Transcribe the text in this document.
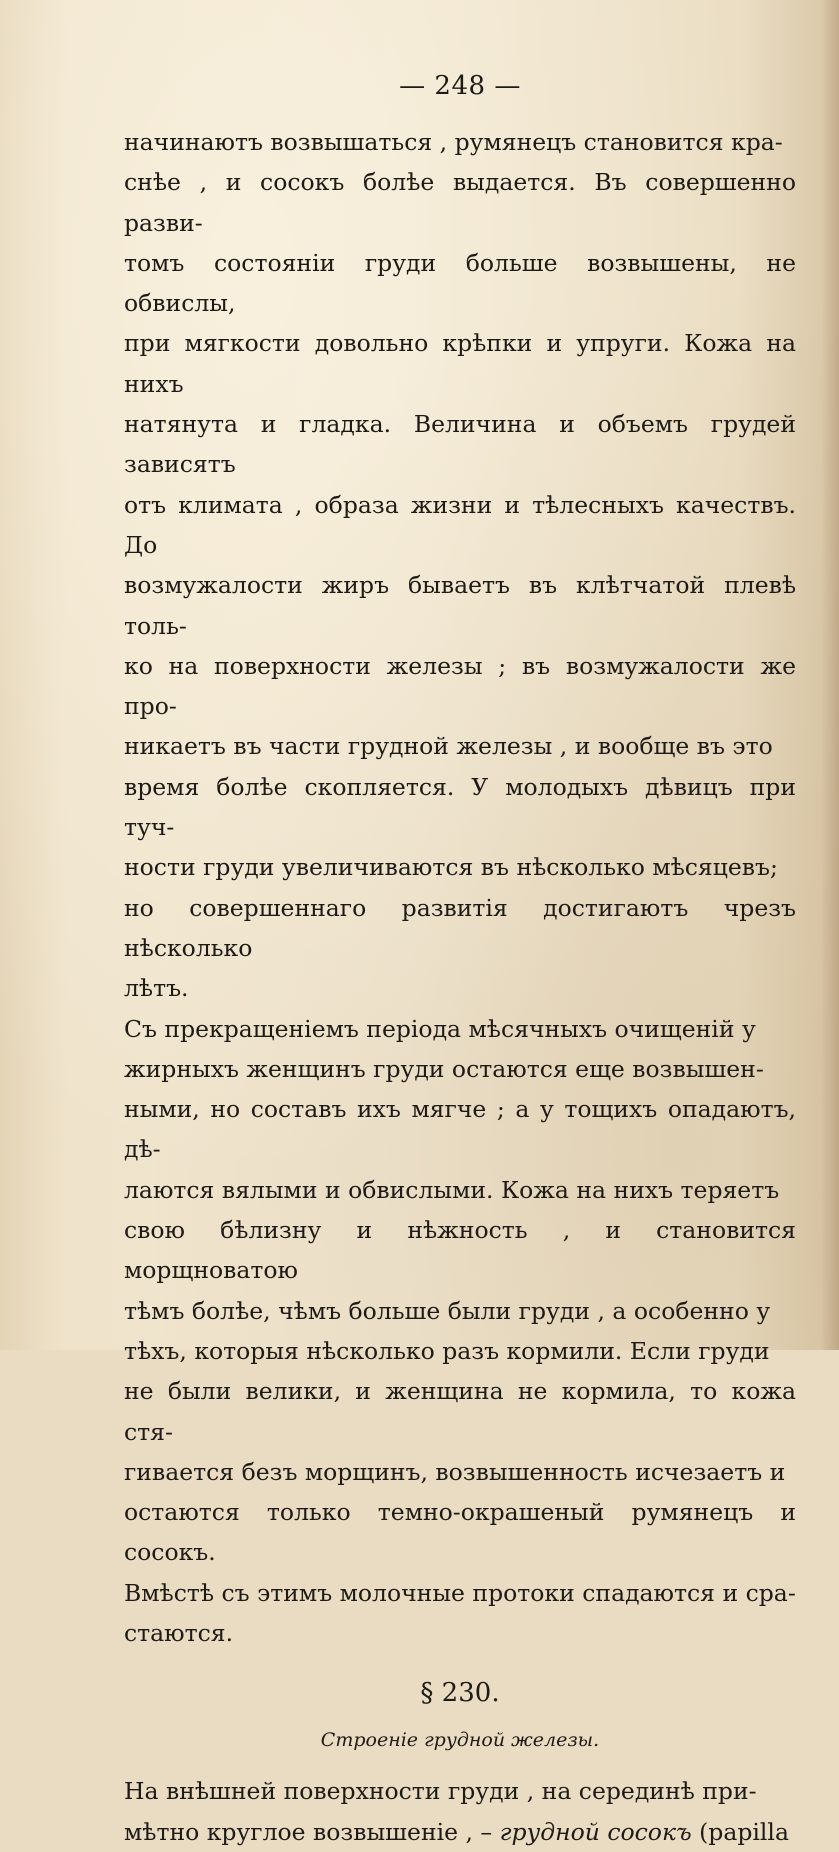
— 248 —
начинаютъ возвышаться , румянецъ становится кра-
снѣе , и сосокъ болѣе выдается. Въ совершенно разви-
томъ состоянiи груди больше возвышены, не обвислы,
при мягкости довольно крѣпки и упруги. Кожа на нихъ
натянута и гладка. Величина и объемъ грудей зависятъ
отъ климата , образа жизни и тѣлесныхъ качествъ. До
возмужалости жиръ бываетъ въ клѣтчатой плевѣ толь-
ко на поверхности железы ; въ возмужалости же про-
никаетъ въ части грудной железы , и вообще въ это
время болѣе скопляется. У молодыхъ дѣвицъ при туч-
ности груди увеличиваются въ нѣсколько мѣсяцевъ;
но совершеннаго развитiя достигаютъ чрезъ нѣсколько
лѣтъ.
Съ прекращенiемъ перiода мѣсячныхъ очищенiй у
жирныхъ женщинъ груди остаются еще возвышен-
ными, но составъ ихъ мягче ; а у тощихъ опадаютъ, дѣ-
лаются вялыми и обвислыми. Кожа на нихъ теряетъ
свою бѣлизну и нѣжность , и становится морщноватою
тѣмъ болѣе, чѣмъ больше были груди , а особенно у
тѣхъ, которыя нѣсколько разъ кормили. Если груди
не были велики, и женщина не кормила, то кожа стя-
гивается безъ морщинъ, возвышенность исчезаетъ и
остаются только темно-окрашеный румянецъ и сосокъ.
Вмѣстѣ съ этимъ молочные протоки спадаются и сра-
стаются.
§ 230.
Строенiе грудной железы.
На внѣшней поверхности груди , на серединѣ при-
мѣтно круглое возвышенiе , – грудной сосокъ (papilla
